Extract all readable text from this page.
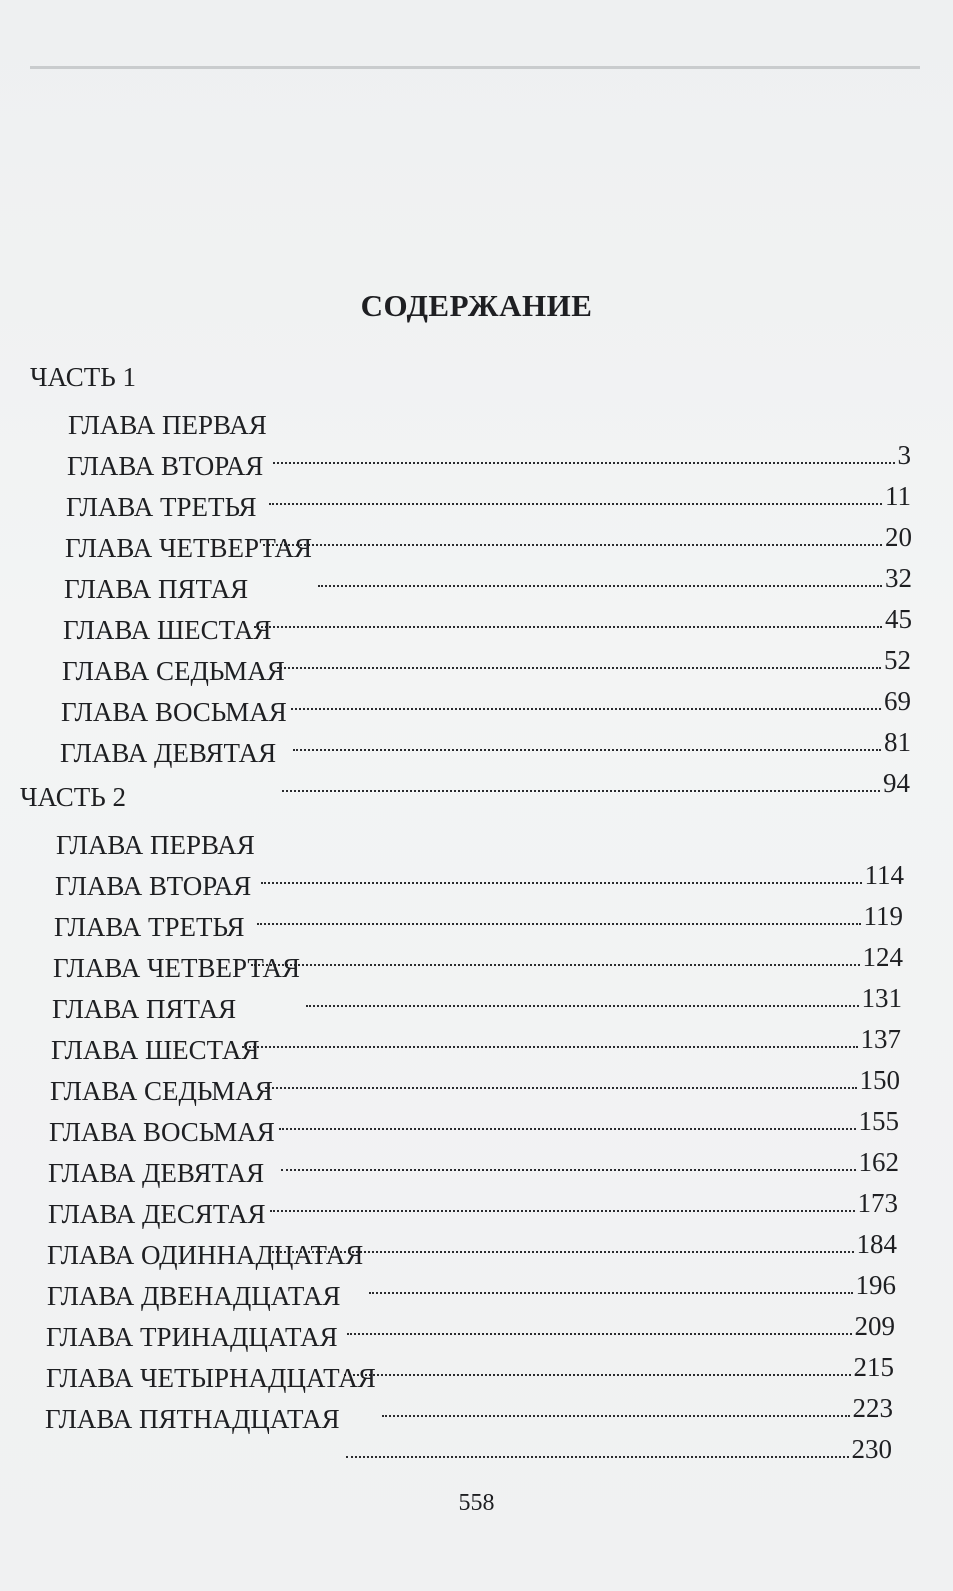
СОДЕРЖАНИЕ
ЧАСТЬ 1
ГЛАВА ПЕРВАЯ
3
ГЛАВА ВТОРАЯ
11
ГЛАВА ТРЕТЬЯ
20
ГЛАВА ЧЕТВЕРТАЯ
32
ГЛАВА ПЯТАЯ
45
ГЛАВА ШЕСТАЯ
52
ГЛАВА СЕДЬМАЯ
69
ГЛАВА ВОСЬМАЯ
81
ГЛАВА ДЕВЯТАЯ
94
ЧАСТЬ 2
ГЛАВА ПЕРВАЯ
114
ГЛАВА ВТОРАЯ
119
ГЛАВА ТРЕТЬЯ
124
ГЛАВА ЧЕТВЕРТАЯ
131
ГЛАВА ПЯТАЯ
137
ГЛАВА ШЕСТАЯ
150
ГЛАВА СЕДЬМАЯ
155
ГЛАВА ВОСЬМАЯ
162
ГЛАВА ДЕВЯТАЯ
173
ГЛАВА ДЕСЯТАЯ
184
ГЛАВА ОДИННАДЦАТАЯ
196
ГЛАВА ДВЕНАДЦАТАЯ
209
ГЛАВА ТРИНАДЦАТАЯ
215
ГЛАВА ЧЕТЫРНАДЦАТАЯ
223
ГЛАВА ПЯТНАДЦАТАЯ
230
558
